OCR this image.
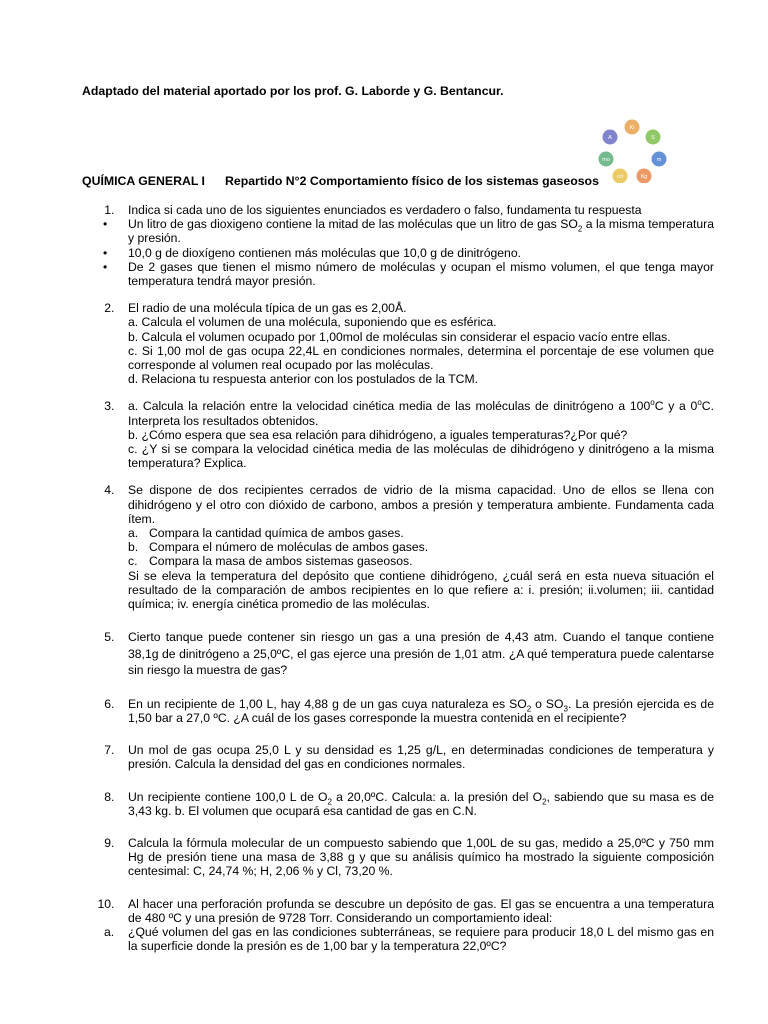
Adaptado del material aportado por los prof. G. Laborde y G. Bentancur.
A
Ki
S
mo	m
cd	Kg
QUÍMICA GENERAL I Repartido N°2 Comportamiento físico de los sistemas gaseosos
1.	Indica si cada uno de los siguientes enunciados es verdadero o falso, fundamenta tu respuesta
•
Un litro de gas dioxigeno contiene la mitad de las moléculas que un litro de gas $SO_2$ a la misma temperatura y presión.
•
10,0 g de dioxígeno contienen más moléculas que 10,0 g de dinitrógeno.
•
De 2 gases que tienen el mismo número de moléculas y ocupan el mismo volumen, el que tenga mayor temperatura tendrá mayor presión.
2.	El radio de una molécula típica de un gas es 2,00Å.
a. Calcula el volumen de una molécula, suponiendo que es esférica.
b. Calcula el volumen ocupado por 1,00mol de moléculas sin considerar el espacio vacío entre ellas.
c. Si 1,00 mol de gas ocupa 22,4L en condiciones normales, determina el porcentaje de ese volumen que corresponde al volumen real ocupado por las moléculas.
d. Relaciona tu respuesta anterior con los postulados de la TCM.
3.	a. Calcula la relación entre la velocidad cinética media de las moléculas de dinitrógeno a 100$^o$C y a 0$^o$C. Interpreta los resultados obtenidos.
b. ¿Cómo espera que sea esa relación para dihidrógeno, a iguales temperaturas?¿Por qué?
c. ¿Y si se compara la velocidad cinética media de las moléculas de dihidrógeno y dinitrógeno a la misma temperatura? Explica.
4.	Se dispone de dos recipientes cerrados de vidrio de la misma capacidad. Uno de ellos se llena con dihidrógeno y el otro con dióxido de carbono, ambos a presión y temperatura ambiente. Fundamenta cada ítem.
a. Compara la cantidad química de ambos gases.
b. Compara el número de moléculas de ambos gases.
c. Compara la masa de ambos sistemas gaseosos.
Si se eleva la temperatura del depósito que contiene dihidrógeno, ¿cuál será en esta nueva situación el resultado de la comparación de ambos recipientes en lo que refiere a: i. presión; ii.volumen; iii. cantidad química; iv. energía cinética promedio de las moléculas.
5.	Cierto tanque puede contener sin riesgo un gas a una presión de 4,43 atm. Cuando el tanque contiene 38,1g de dinitrógeno a 25,0ºC, el gas ejerce una presión de 1,01 atm. ¿A qué temperatura puede calentarse sin riesgo la muestra de gas?
6.	En un recipiente de 1,00 L, hay 4,88 g de un gas cuya naturaleza es $SO_2$ o $SO_3$. La presión ejercida es de 1,50 bar a 27,0 ºC. ¿A cuál de los gases corresponde la muestra contenida en el recipiente?
7.	Un mol de gas ocupa 25,0 L y su densidad es 1,25 g/L, en determinadas condiciones de temperatura y presión. Calcula la densidad del gas en condiciones normales.
8.	Un recipiente contiene 100,0 L de $O_2$ a 20,0ºC. Calcula: a. la presión del $O_2$, sabiendo que su masa es de 3,43 kg. b. El volumen que ocupará esa cantidad de gas en C.N.
9.	Calcula la fórmula molecular de un compuesto sabiendo que 1,00L de su gas, medido a 25,0ºC y 750 mm Hg de presión tiene una masa de 3,88 g y que su análisis químico ha mostrado la siguiente composición centesimal: C, 24,74 %; H, 2,06 % y Cl, 73,20 %.
10.	Al hacer una perforación profunda se descubre un depósito de gas. El gas se encuentra a una temperatura de 480 ºC y una presión de 9728 Torr. Considerando un comportamiento ideal:
a.	¿Qué volumen del gas en las condiciones subterráneas, se requiere para producir 18,0 L del mismo gas en la superficie donde la presión es de 1,00 bar y la temperatura 22,0ºC?
